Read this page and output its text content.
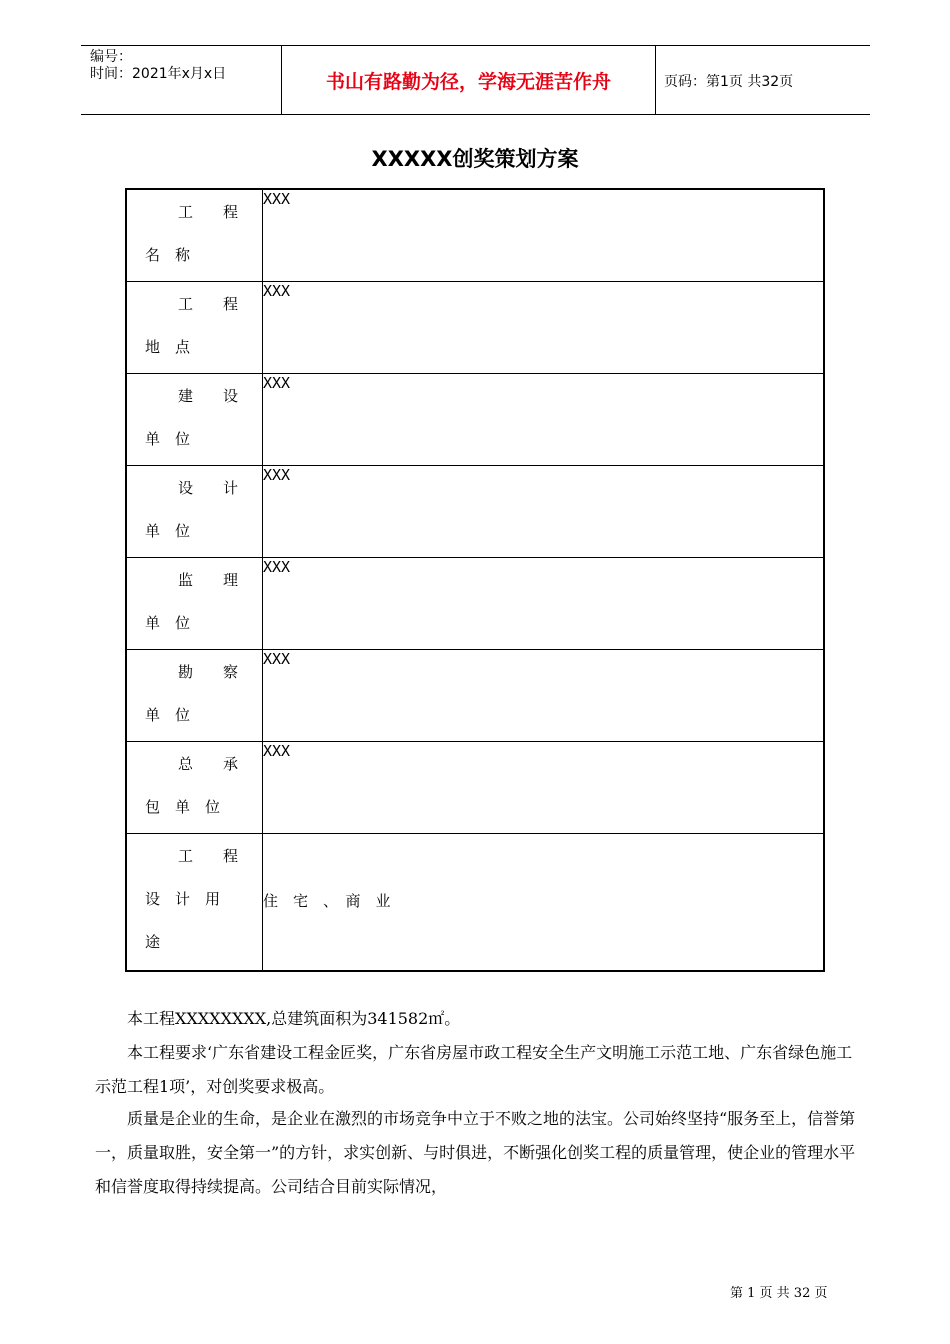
编号：
时间：2021年x月x日	书山有路勤为径，学海无涯苦作舟	页码：第1页 共32页
XXXXX创奖策划方案
工　　程
名　称	XXX

工　　程
地　点	XXX

建　　设
单　位	XXX

设　　计
单　位	XXX

监　　理
单　位	XXX

勘　　察
单　位	XXX

总　　承
包　单　位	XXX

工　　程
设　计　用
途	住　宅　、　商　业
　　本工程XXXXXXXX,总建筑面积为341582㎡。
　　本工程要求‘广东省建设工程金匠奖，广东省房屋市政工程安全生产文明施工示范工地、广东省绿色施工示范工程1项’，对创奖要求极高。
　　质量是企业的生命，是企业在激烈的市场竞争中立于不败之地的法宝。公司始终坚持“服务至上，信誉第一，质量取胜，安全第一”的方针，求实创新、与时俱进，不断强化创奖工程的质量管理，使企业的管理水平和信誉度取得持续提高。公司结合目前实际情况，
第 1 页 共 32 页
